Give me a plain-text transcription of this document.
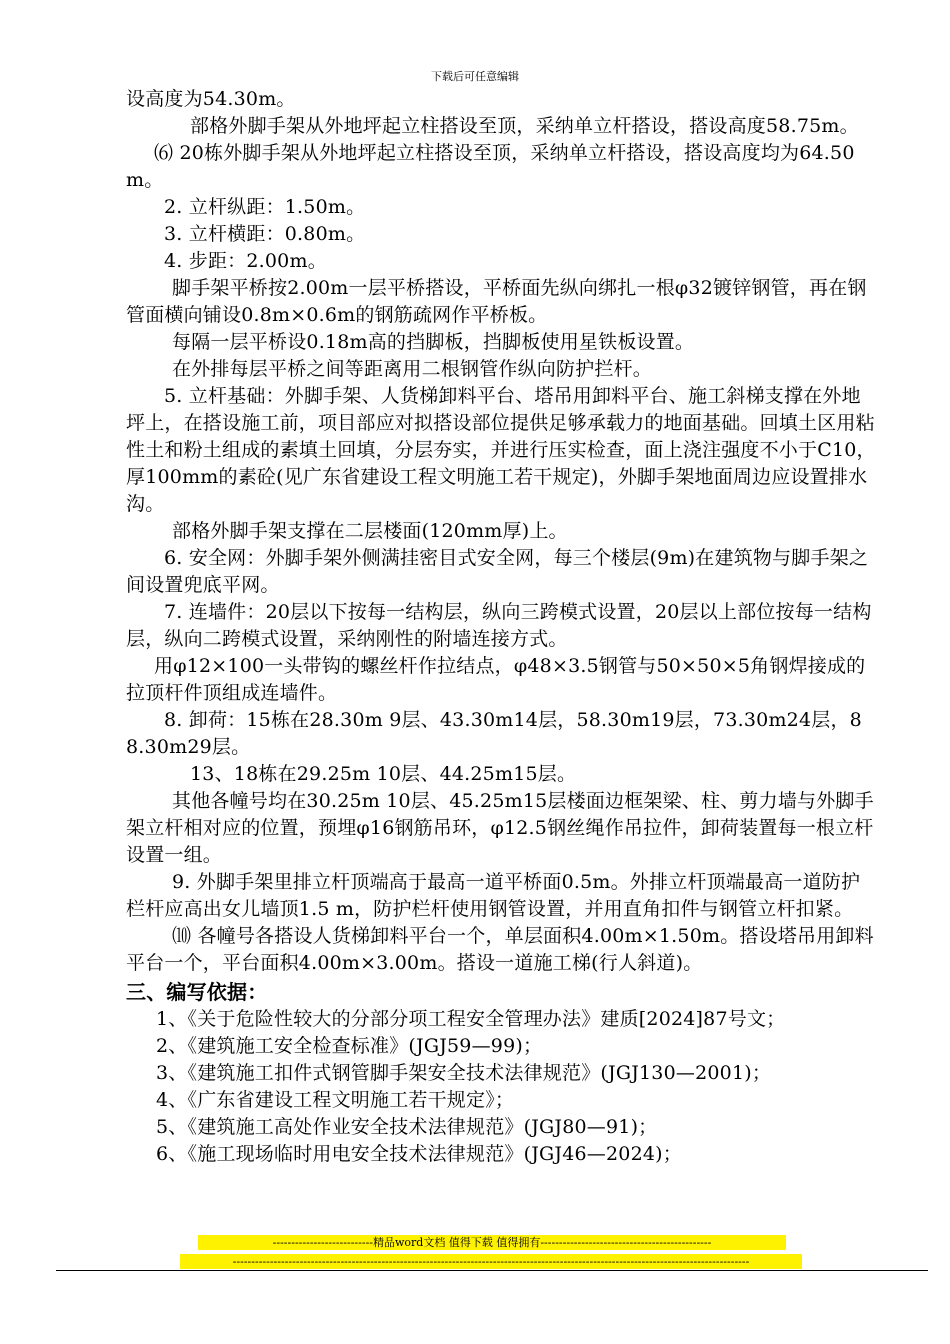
下载后可任意编辑

设高度为54.30m。

部格外脚手架从外地坪起立柱搭设至顶，采纳单立杆搭设，搭设高度58.75m。

⑹ 20栋外脚手架从外地坪起立柱搭设至顶，采纳单立杆搭设，搭设高度均为64.50m。

2. 立杆纵距：1.50m。

3. 立杆横距：0.80m。

4. 步距：2.00m。

脚手架平桥按2.00m一层平桥搭设，平桥面先纵向绑扎一根φ32镀锌钢管，再在钢管面横向铺设0.8m×0.6m的钢筋疏网作平桥板。

每隔一层平桥设0.18m高的挡脚板，挡脚板使用星铁板设置。

在外排每层平桥之间等距离用二根钢管作纵向防护拦杆。

5. 立杆基础：外脚手架、人货梯卸料平台、塔吊用卸料平台、施工斜梯支撑在外地坪上，在搭设施工前，项目部应对拟搭设部位提供足够承载力的地面基础。回填土区用粘性土和粉土组成的素填土回填，分层夯实，并进行压实检查，面上浇注强度不小于C10，厚100mm的素砼(见广东省建设工程文明施工若干规定)，外脚手架地面周边应设置排水沟。

部格外脚手架支撑在二层楼面(120mm厚)上。

6. 安全网：外脚手架外侧满挂密目式安全网，每三个楼层(9m)在建筑物与脚手架之间设置兜底平网。

7. 连墙件：20层以下按每一结构层，纵向三跨模式设置，20层以上部位按每一结构层，纵向二跨模式设置，采纳刚性的附墙连接方式。

用φ12×100一头带钩的螺丝杆作拉结点，φ48×3.5钢管与50×50×5角钢焊接成的拉顶杆件顶组成连墙件。

8. 卸荷：15栋在28.30m 9层、43.30m14层，58.30m19层，73.30m24层，88.30m29层。

13、18栋在29.25m 10层、44.25m15层。

其他各幢号均在30.25m 10层、45.25m15层楼面边框架梁、柱、剪力墙与外脚手架立杆相对应的位置，预埋φ16钢筋吊环，φ12.5钢丝绳作吊拉件，卸荷装置每一根立杆设置一组。

9. 外脚手架里排立杆顶端高于最高一道平桥面0.5m。外排立杆顶端最高一道防护栏杆应高出女儿墙顶1.5 m，防护栏杆使用钢管设置，并用直角扣件与钢管立杆扣紧。

⑽ 各幢号各搭设人货梯卸料平台一个，单层面积4.00m×1.50m。搭设塔吊用卸料平台一个，平台面积4.00m×3.00m。搭设一道施工梯(行人斜道)。

三、编写依据：

1、《关于危险性较大的分部分项工程安全管理办法》建质[2024]87号文；

2、《建筑施工安全检查标准》(JGJ59—99)；

3、《建筑施工扣件式钢管脚手架安全技术法律规范》(JGJ130—2001)；

4、《广东省建设工程文明施工若干规定》；

5、《建筑施工高处作业安全技术法律规范》(JGJ80—91)；

6、《施工现场临时用电安全技术法律规范》(JGJ46—2024)；

---------------------------精品word文档 值得下载 值得拥有----------------------------------------------
-------------------------------------------------------------------------------------------------------------------------------------------
